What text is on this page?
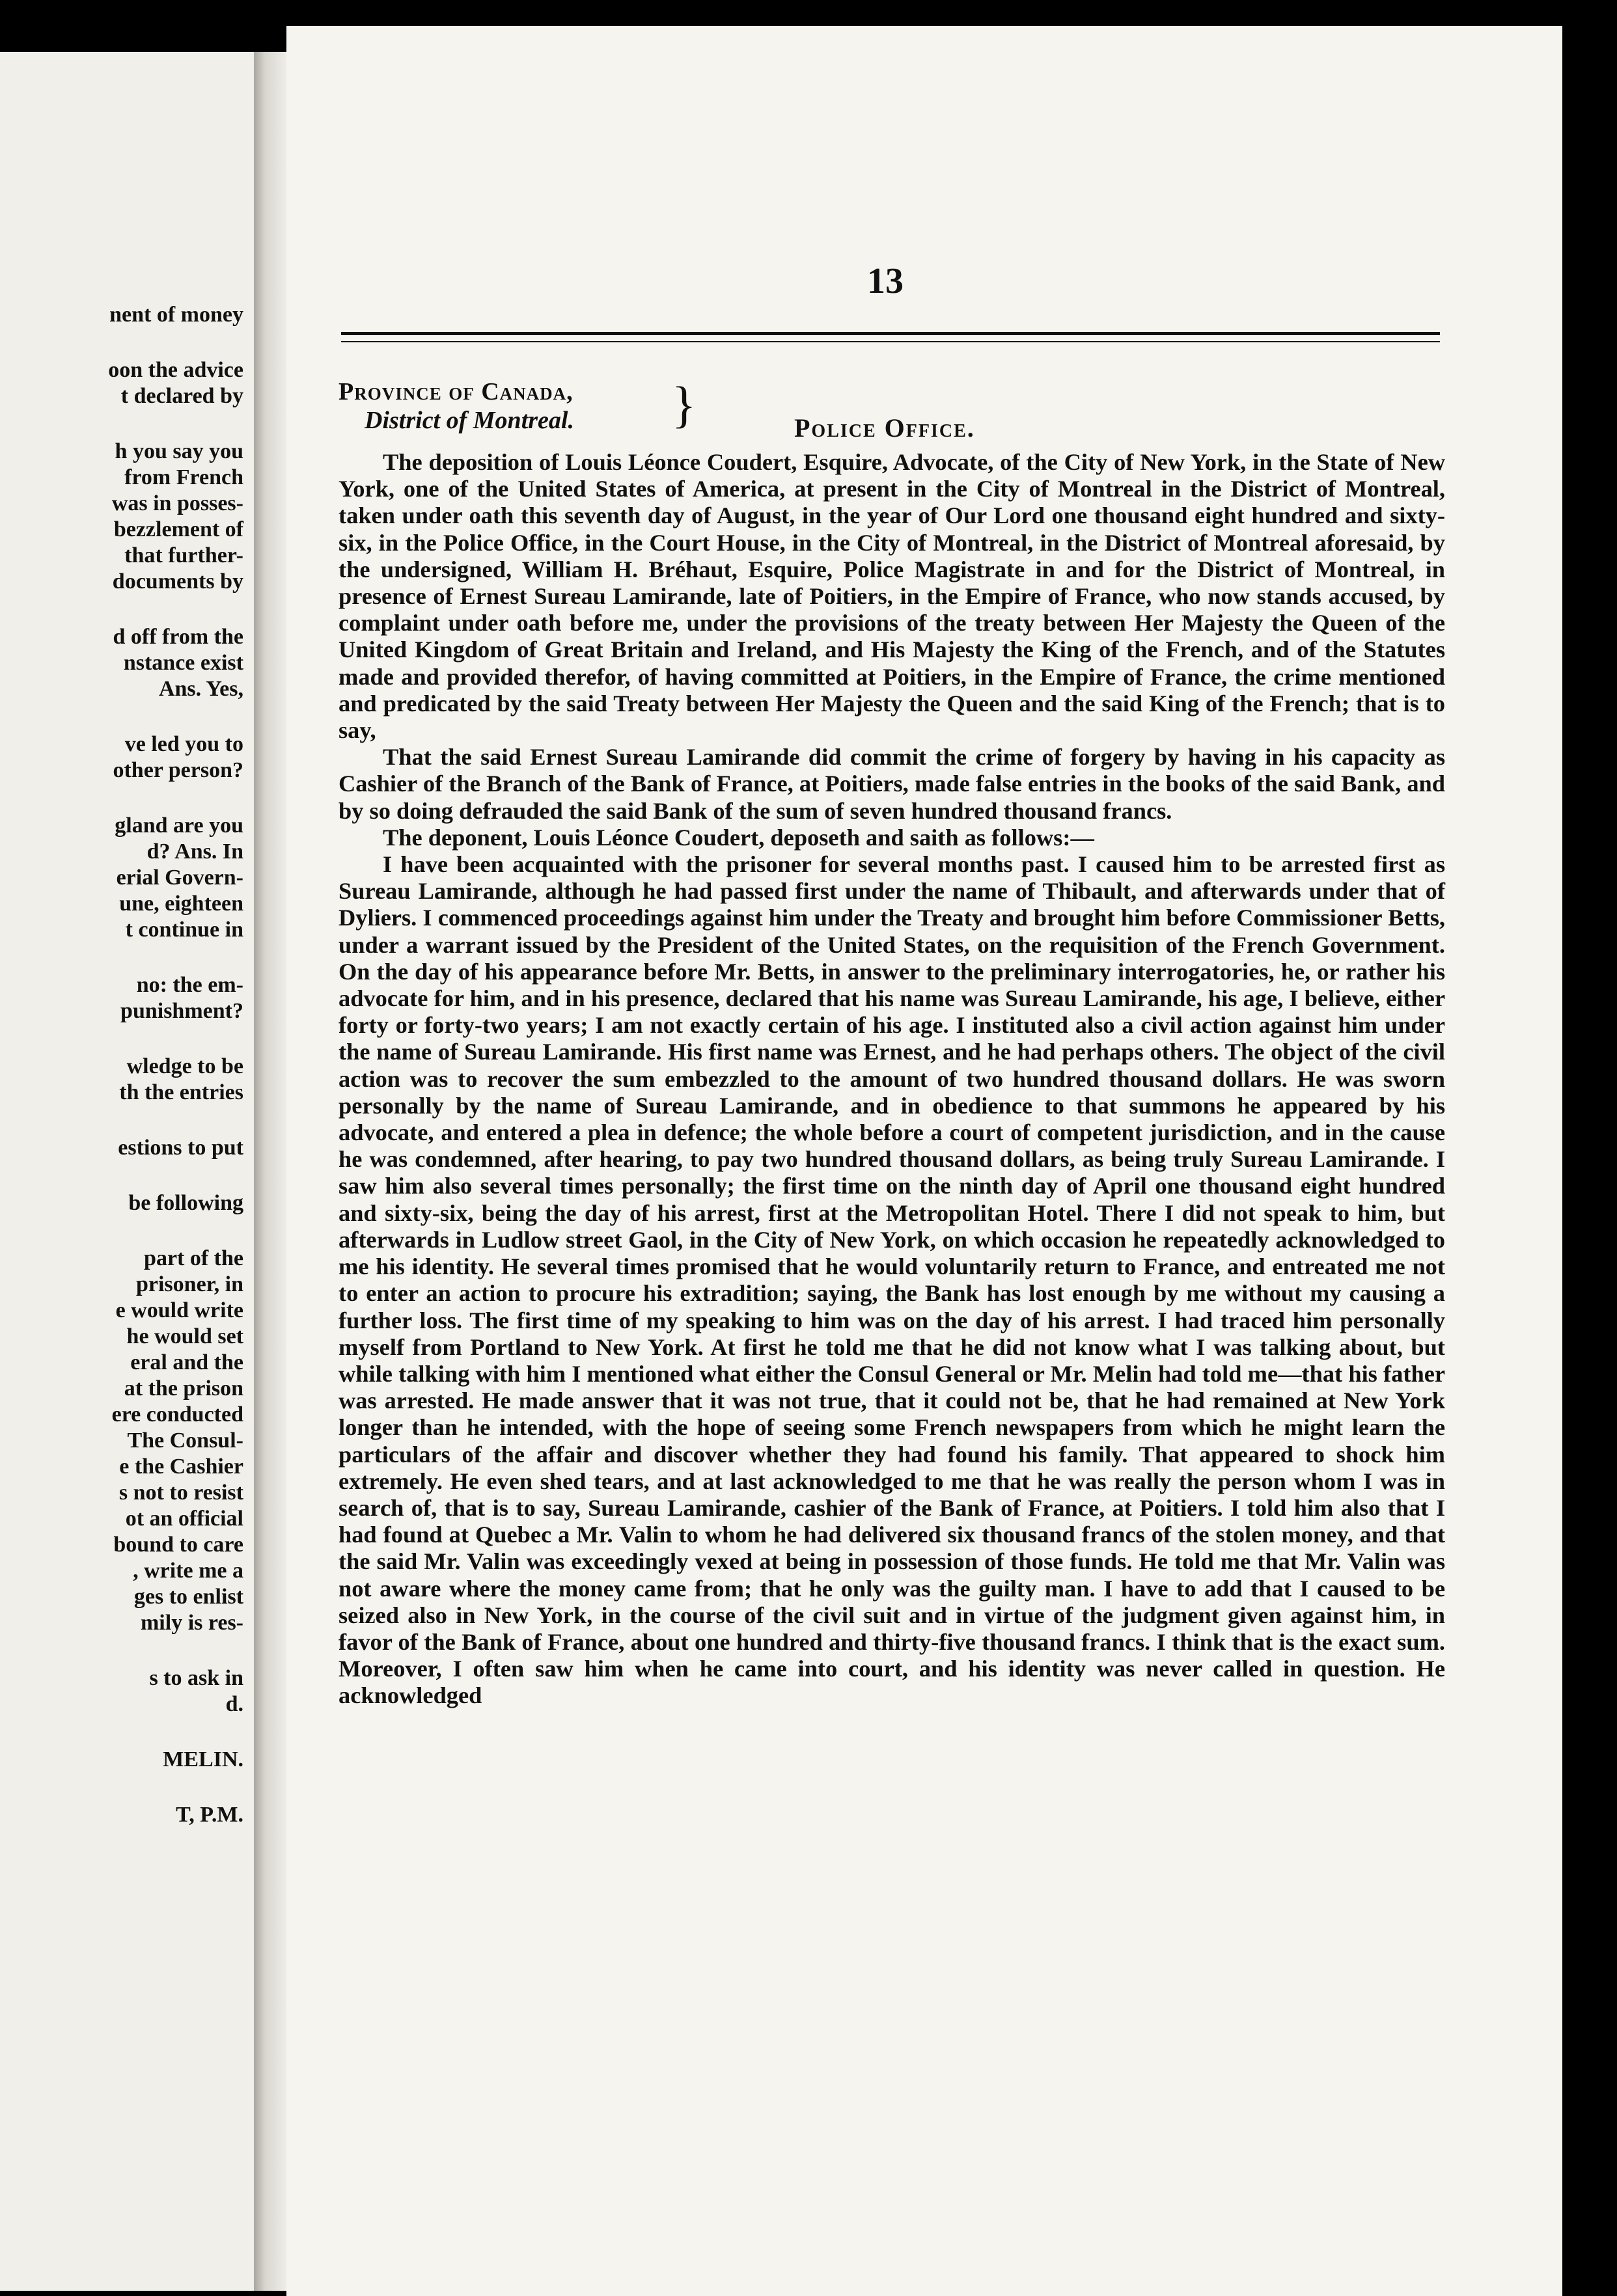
nent of money
oon the advice
t declared by
h you say you
from French
was in posses-
bezzlement of
that further-
documents by
d off from the
nstance exist
Ans. Yes,
ve led you to
other person?
gland are you
d? Ans. In
erial Govern-
une, eighteen
t continue in
no: the em-
punishment?
wledge to be
th the entries
estions to put
be following
part of the
prisoner, in
e would write
he would set
eral and the
at the prison
ere conducted
The Consul-
e the Cashier
s not to resist
ot an official
bound to care
, write me a
ges to enlist
mily is res-
s to ask in
d.
MELIN.
T, P.M.
13
Province of Canada,
District of Montreal. }	Police Office.

The deposition of Louis Léonce Coudert, Esquire, Advocate, of the City of New York, in the State of New York, one of the United States of America, at present in the City of Montreal in the District of Montreal, taken under oath this seventh day of August, in the year of Our Lord one thousand eight hundred and sixty-six, in the Police Office, in the Court House, in the City of Montreal, in the District of Montreal aforesaid, by the undersigned, William H. Bréhaut, Esquire, Police Magistrate in and for the District of Montreal, in presence of Ernest Sureau Lamirande, late of Poitiers, in the Empire of France, who now stands accused, by complaint under oath before me, under the provisions of the treaty between Her Majesty the Queen of the United Kingdom of Great Britain and Ireland, and His Majesty the King of the French, and of the Statutes made and provided therefor, of having committed at Poitiers, in the Empire of France, the crime mentioned and predicated by the said Treaty between Her Majesty the Queen and the said King of the French; that is to say,

That the said Ernest Sureau Lamirande did commit the crime of forgery by having in his capacity as Cashier of the Branch of the Bank of France, at Poitiers, made false entries in the books of the said Bank, and by so doing defrauded the said Bank of the sum of seven hundred thousand francs.

The deponent, Louis Léonce Coudert, deposeth and saith as follows:—

I have been acquainted with the prisoner for several months past. I caused him to be arrested first as Sureau Lamirande, although he had passed first under the name of Thibault, and afterwards under that of Dyliers. I commenced proceedings against him under the Treaty and brought him before Commissioner Betts, under a warrant issued by the President of the United States, on the requisition of the French Government. On the day of his appearance before Mr. Betts, in answer to the preliminary interrogatories, he, or rather his advocate for him, and in his presence, declared that his name was Sureau Lamirande, his age, I believe, either forty or forty-two years; I am not exactly certain of his age. I instituted also a civil action against him under the name of Sureau Lamirande. His first name was Ernest, and he had perhaps others. The object of the civil action was to recover the sum embezzled to the amount of two hundred thousand dollars. He was sworn personally by the name of Sureau Lamirande, and in obedience to that summons he appeared by his advocate, and entered a plea in defence; the whole before a court of competent jurisdiction, and in the cause he was condemned, after hearing, to pay two hundred thousand dollars, as being truly Sureau Lamirande. I saw him also several times personally; the first time on the ninth day of April one thousand eight hundred and sixty-six, being the day of his arrest, first at the Metropolitan Hotel. There I did not speak to him, but afterwards in Ludlow street Gaol, in the City of New York, on which occasion he repeatedly acknowledged to me his identity. He several times promised that he would voluntarily return to France, and entreated me not to enter an action to procure his extradition; saying, the Bank has lost enough by me without my causing a further loss. The first time of my speaking to him was on the day of his arrest. I had traced him personally myself from Portland to New York. At first he told me that he did not know what I was talking about, but while talking with him I mentioned what either the Consul General or Mr. Melin had told me—that his father was arrested. He made answer that it was not true, that it could not be, that he had remained at New York longer than he intended, with the hope of seeing some French newspapers from which he might learn the particulars of the affair and discover whether they had found his family. That appeared to shock him extremely. He even shed tears, and at last acknowledged to me that he was really the person whom I was in search of, that is to say, Sureau Lamirande, cashier of the Bank of France, at Poitiers. I told him also that I had found at Quebec a Mr. Valin to whom he had delivered six thousand francs of the stolen money, and that the said Mr. Valin was exceedingly vexed at being in possession of those funds. He told me that Mr. Valin was not aware where the money came from; that he only was the guilty man. I have to add that I caused to be seized also in New York, in the course of the civil suit and in virtue of the judgment given against him, in favor of the Bank of France, about one hundred and thirty-five thousand francs. I think that is the exact sum. Moreover, I often saw him when he came into court, and his identity was never called in question. He acknowledged
